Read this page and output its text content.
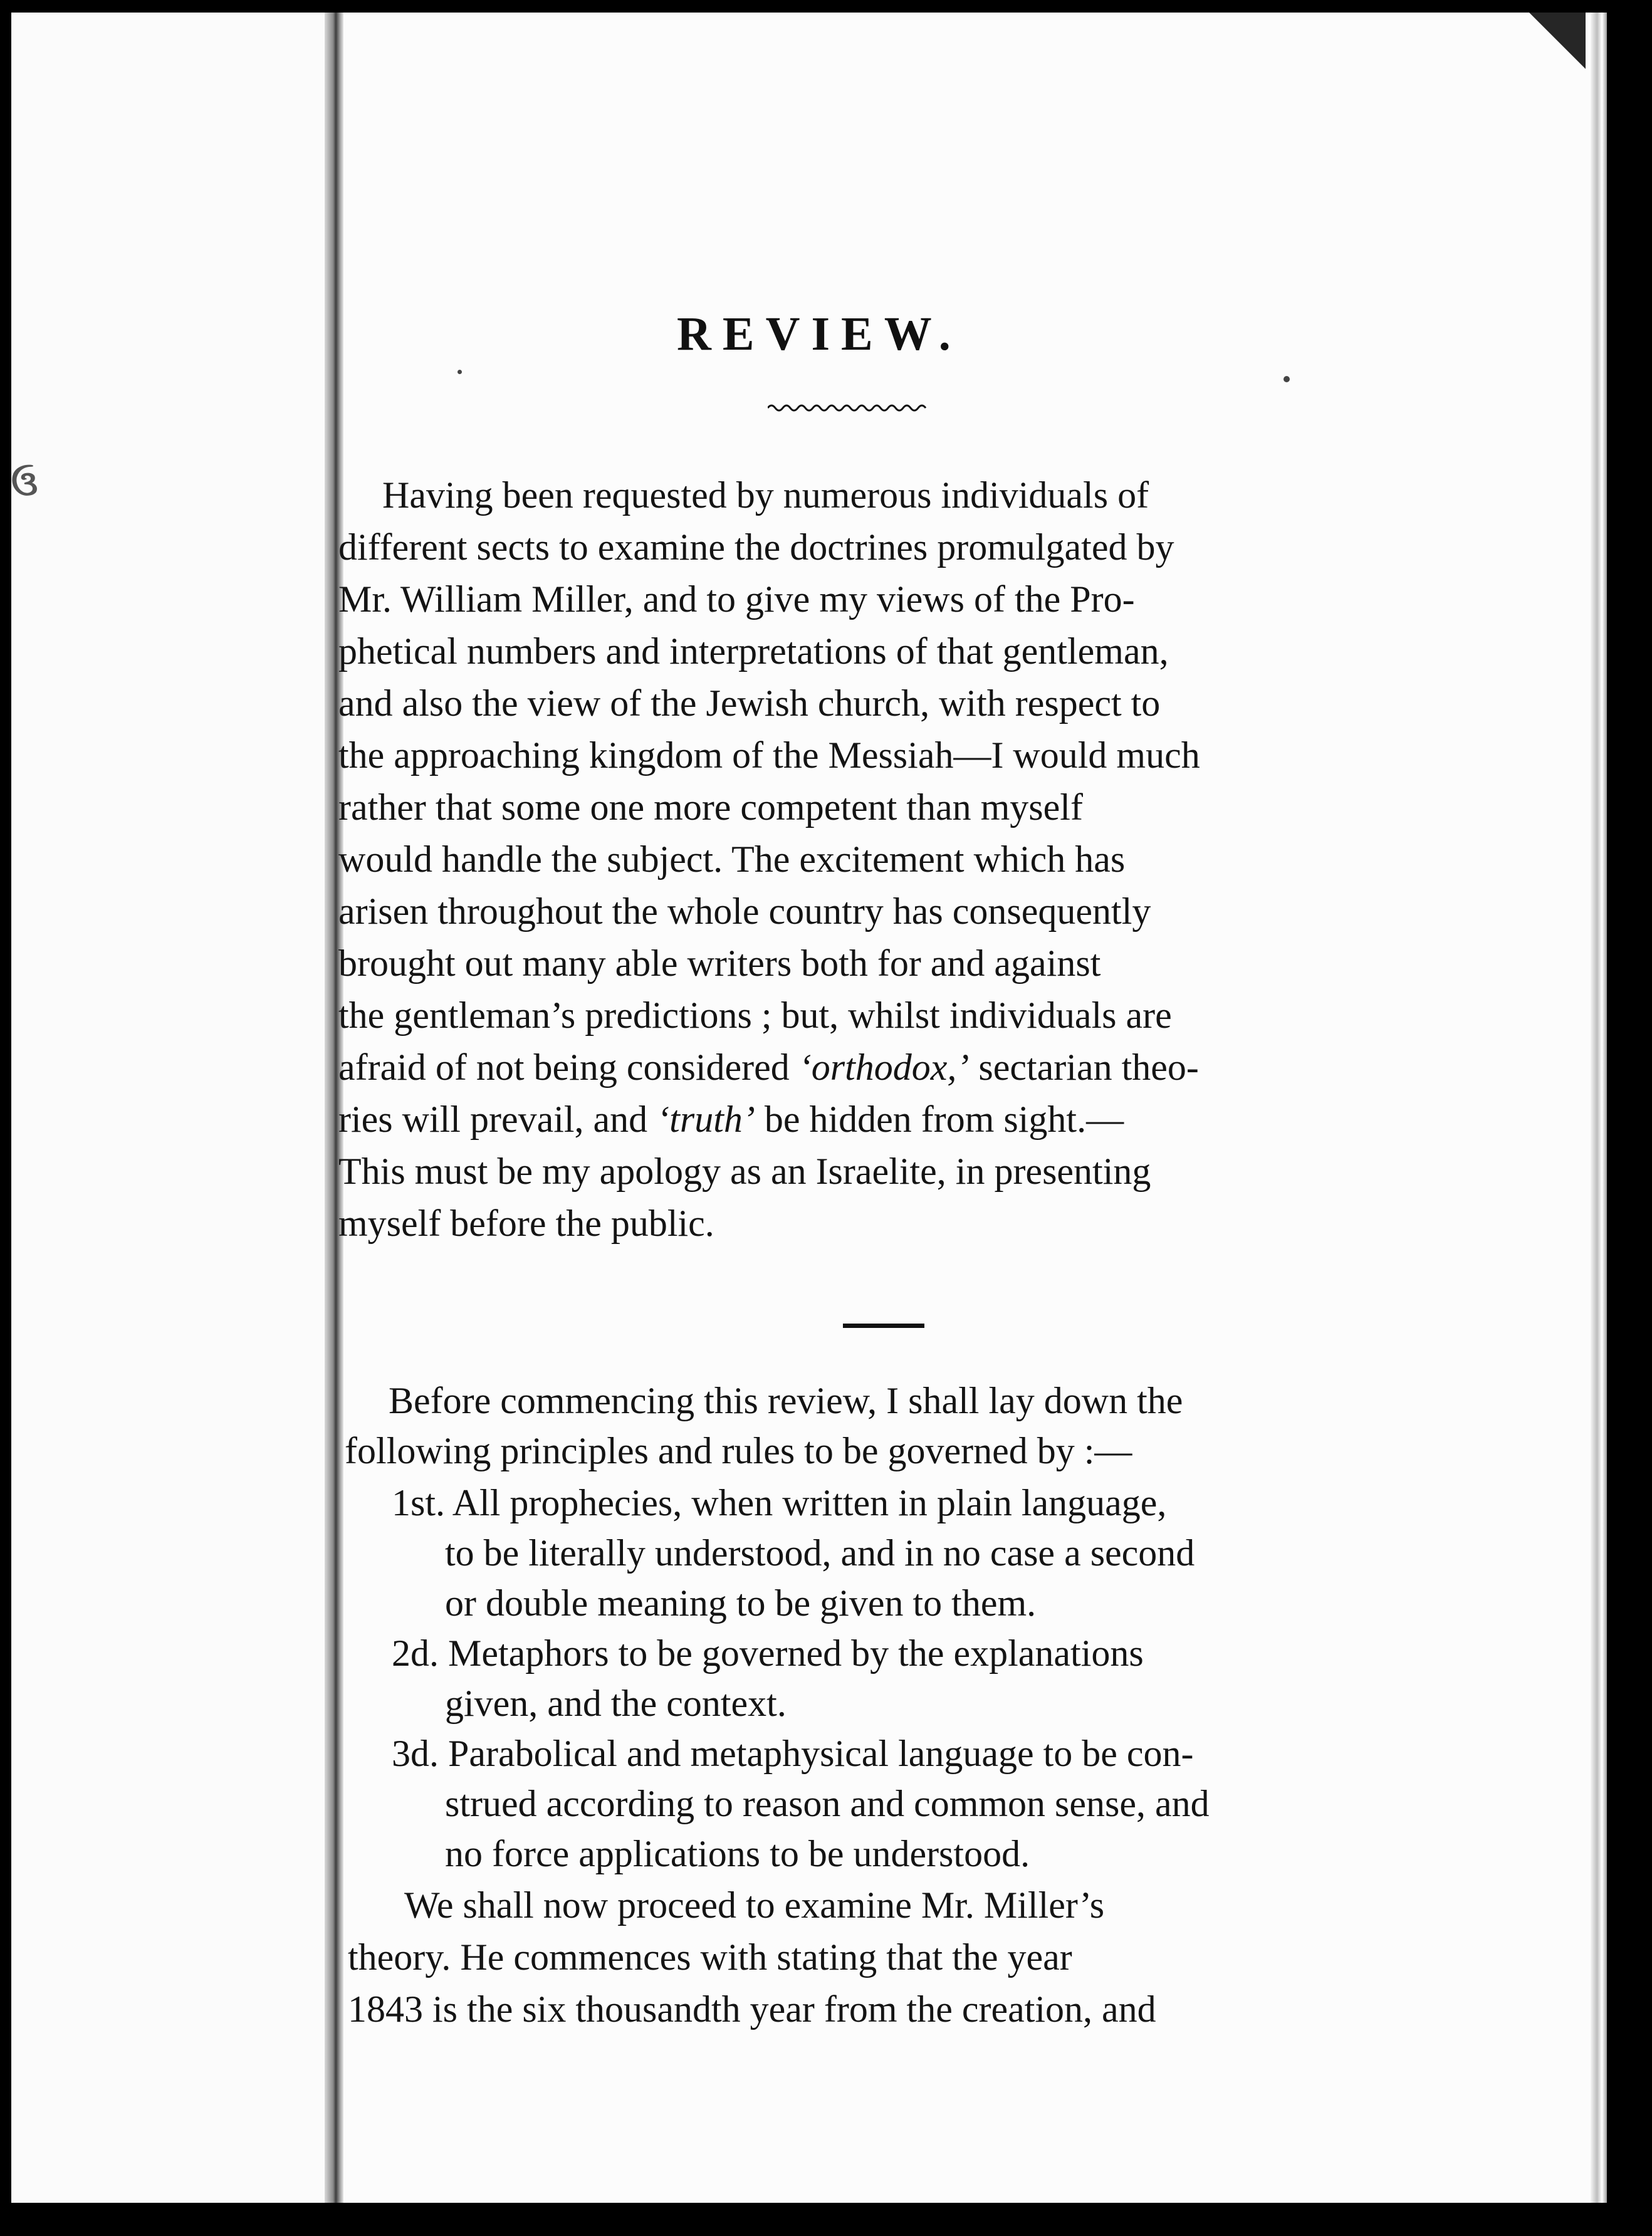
ઉ
REVIEW.

Having been requested by numerous individuals of

different sects to examine the doctrines promulgated by

Mr. William Miller, and to give my views of the Pro-

phetical numbers and interpretations of that gentleman,

and also the view of the Jewish church, with respect to

the approaching kingdom of the Messiah—I would much

rather that some one more competent than myself

would handle the subject. The excitement which has

arisen throughout the whole country has consequently

brought out many able writers both for and against

the gentleman’s predictions ; but, whilst individuals are

afraid of not being considered ‘orthodox,’ sectarian theo-

ries will prevail, and ‘truth’ be hidden from sight.—

This must be my apology as an Israelite, in presenting

myself before the public.

Before commencing this review, I shall lay down the

following principles and rules to be governed by :—

1st. All prophecies, when written in plain language,

to be literally understood, and in no case a second

or double meaning to be given to them.

2d. Metaphors to be governed by the explanations

given, and the context.

3d. Parabolical and metaphysical language to be con-

strued according to reason and common sense, and

no force applications to be understood.

We shall now proceed to examine Mr. Miller’s

theory. He commences with stating that the year

1843 is the six thousandth year from the creation, and
